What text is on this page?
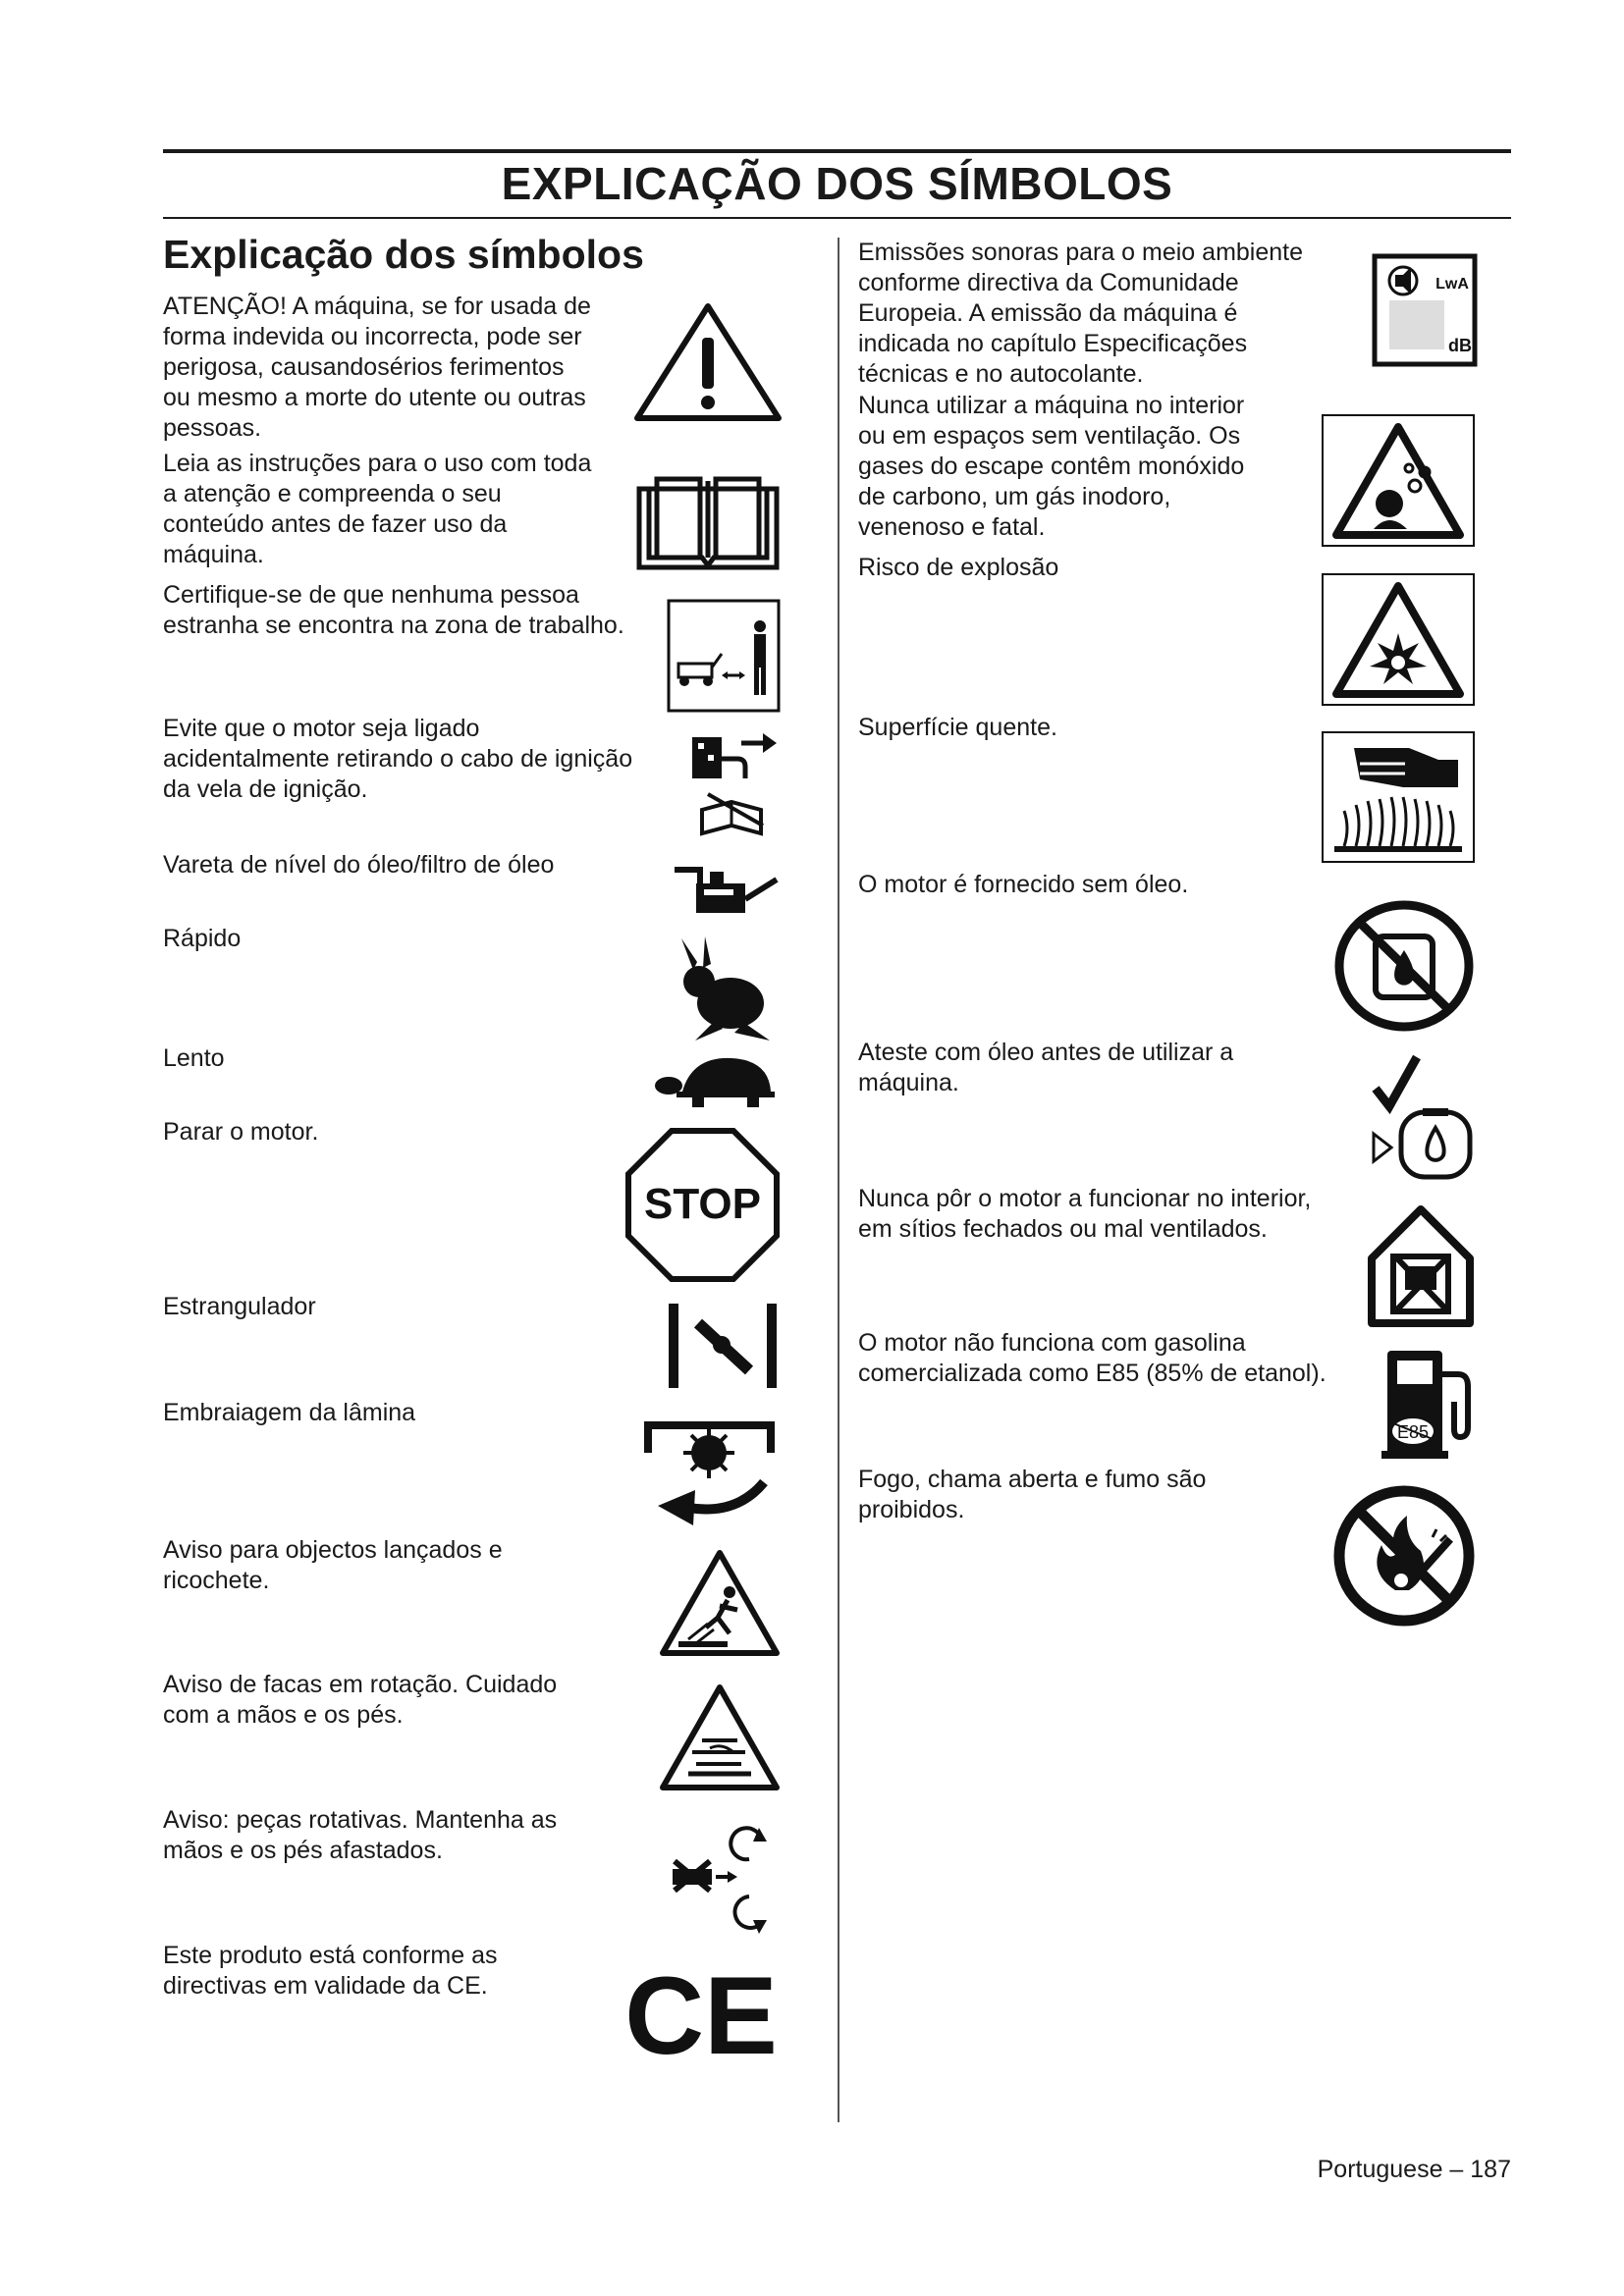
EXPLICAÇÃO DOS SÍMBOLOS
Explicação dos símbolos
ATENÇÃO! A máquina, se for usada de
forma indevida ou incorrecta, pode ser
perigosa, causandosérios ferimentos
ou mesmo a morte do utente ou outras
pessoas.
Leia as instruções para o uso com toda
a atenção e compreenda o seu
conteúdo antes de fazer uso da
máquina.
Certifique-se de que nenhuma pessoa
estranha se encontra na zona de trabalho.
Evite que o motor seja ligado
acidentalmente retirando o cabo de ignição
da vela de ignição.
Vareta de nível do óleo/filtro de óleo
Rápido
Lento
Parar o motor.
STOP
Estrangulador
Embraiagem da lâmina
Aviso para objectos lançados e
ricochete.
Aviso de facas em rotação. Cuidado
com a mãos e os pés.
Aviso: peças rotativas. Mantenha as
mãos e os pés afastados.
Este produto está conforme as
directivas em validade da CE. CE
Emissões sonoras para o meio ambiente
conforme directiva da Comunidade
Europeia. A emissão da máquina é
indicada no capítulo Especificações
técnicas e no autocolante.
LwA
dB
Nunca utilizar a máquina no interior
ou em espaços sem ventilação. Os
gases do escape contêm monóxido
de carbono, um gás inodoro,
venenoso e fatal.
Risco de explosão
Superfície quente.
O motor é fornecido sem óleo.
Ateste com óleo antes de utilizar a
máquina.
Nunca pôr o motor a funcionar no interior,
em sítios fechados ou mal ventilados.
O motor não funciona com gasolina
comercializada como E85 (85% de etanol).
E85
Fogo, chama aberta e fumo são
proibidos.
Portuguese – 187
